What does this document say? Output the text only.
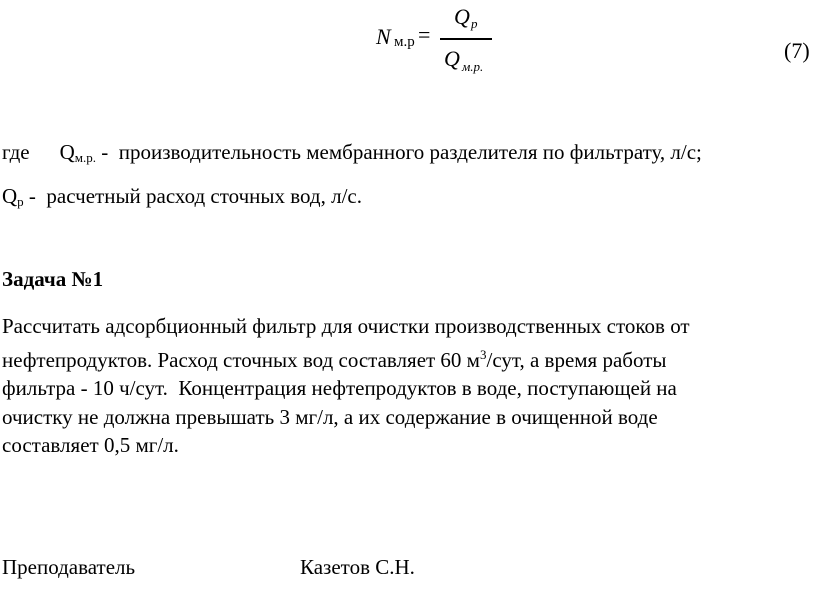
N м.р =
Q р
Q м.р.
(7)
где $Q_{м.р.}$ - производительность мембранного разделителя по фильтрату, л/с;
$Q_р$ - расчетный расход сточных вод, л/с.
Задача №1
Рассчитать адсорбционный фильтр для очистки производственных стоков от
нефтепродуктов. Расход сточных вод составляет 60 $м^3$/сут, а время работы
фильтра - 10 ч/сут.  Концентрация нефтепродуктов в воде, поступающей на
очистку не должна превышать 3 мг/л, а их содержание в очищенной воде
составляет 0,5 мг/л.
Преподаватель	Казетов С.Н.
